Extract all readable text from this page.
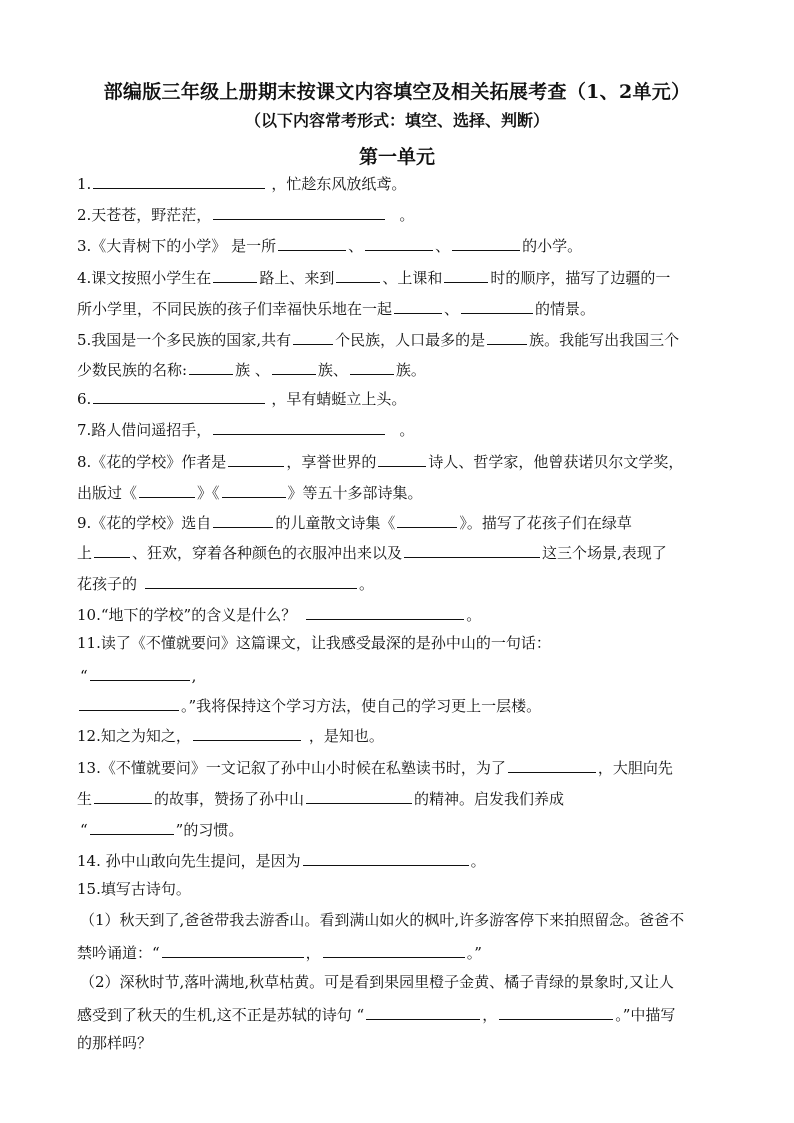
部编版三年级上册期末按课文内容填空及相关拓展考查（1、2单元）
（以下内容常考形式：填空、选择、判断）
第一单元
1.	，忙趁东风放纸鸢。
2.天苍苍，野茫茫，	。
3.《大青树下的小学》 是一所	、	、	的小学。
4.课文按照小学生在	路上、来到	、上课和	时的顺序，描写了边疆的一
所小学里，不同民族的孩子们幸福快乐地在一起	、	的情景。
5.我国是一个多民族的国家,共有	个民族，人口最多的是	族。我能写出我国三个
少数民族的名称:	族 、	族、	族。
6.	，早有蜻蜓立上头。
7.路人借问遥招手，	。
8.《花的学校》作者是	，享誉世界的	诗人、哲学家，他曾获诺贝尔文学奖，
出版过《	》《	》等五十多部诗集。
9.《花的学校》选自	的儿童散文诗集《	》。描写了花孩子们在绿草
上	、狂欢，穿着各种颜色的衣服冲出来以及	这三个场景,表现了
花孩子的	。
10.“地下的学校”的含义是什么？	。
11.读了《不懂就要问》这篇课文，让我感受最深的是孙中山的一句话：
“	,
。”我将保持这个学习方法，使自己的学习更上一层楼。
12.知之为知之，	，是知也。
13.《不懂就要问》一文记叙了孙中山小时候在私塾读书时，为了	，大胆向先
生	的故事，赞扬了孙中山	的精神。启发我们养成
“	”的习惯。
14. 孙中山敢向先生提问，是因为	。
15.填写古诗句。
（1）秋天到了,爸爸带我去游香山。看到满山如火的枫叶,许多游客停下来拍照留念。爸爸不
禁吟诵道：“	，	。”
（2）深秋时节,落叶满地,秋草枯黄。可是看到果园里橙子金黄、橘子青绿的景象时,又让人
感受到了秋天的生机,这不正是苏轼的诗句 “	，	。”中描写
的那样吗？
